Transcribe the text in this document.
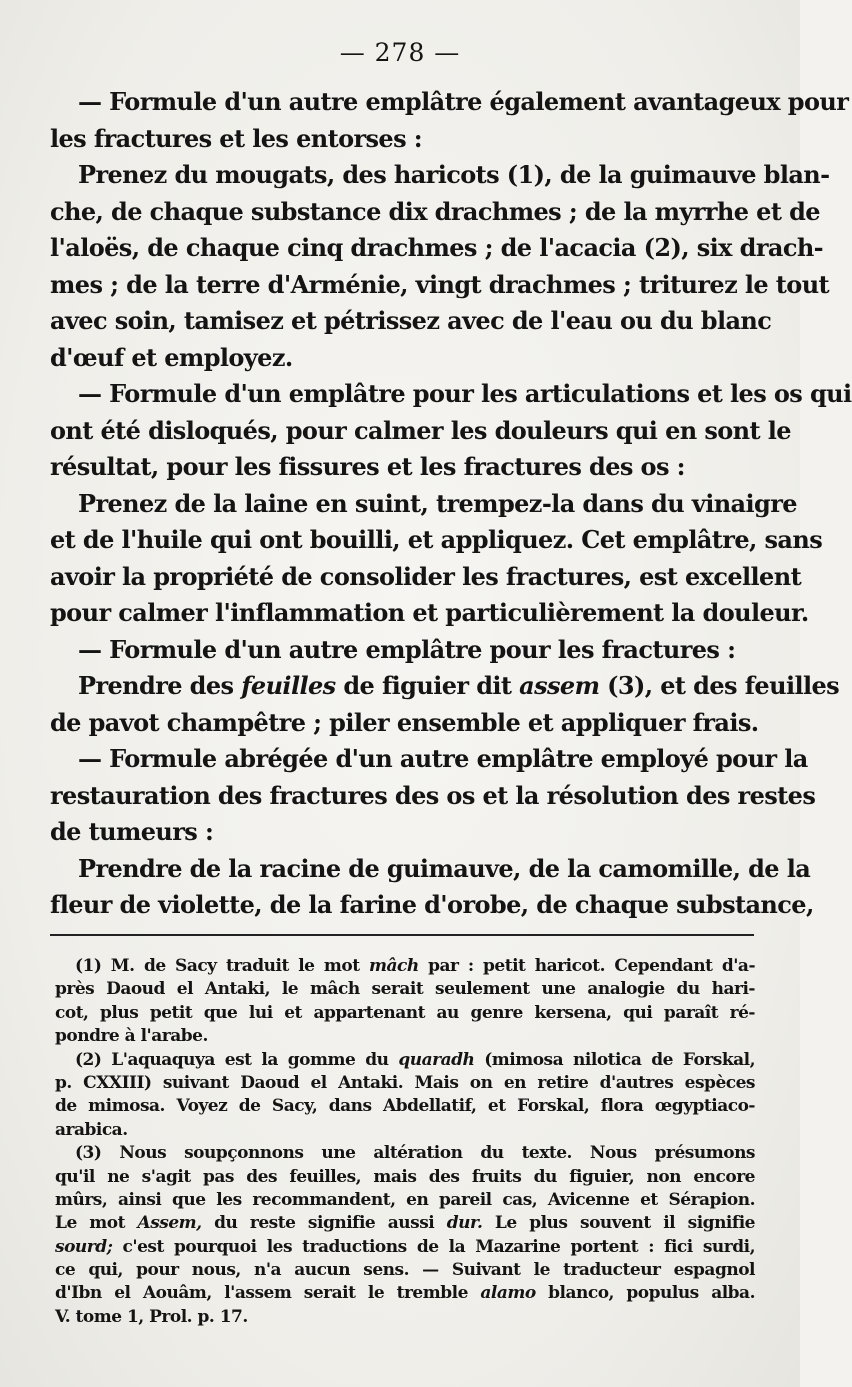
— 278 —
— Formule d'un autre emplâtre également avantageux pour
les fractures et les entorses :
Prenez du mougats, des haricots (1), de la guimauve blan-
che, de chaque substance dix drachmes ; de la myrrhe et de
l'aloës, de chaque cinq drachmes ; de l'acacia (2), six drach-
mes ; de la terre d'Arménie, vingt drachmes ; triturez le tout
avec soin, tamisez et pétrissez avec de l'eau ou du blanc
d'œuf et employez.
— Formule d'un emplâtre pour les articulations et les os qui
ont été disloqués, pour calmer les douleurs qui en sont le
résultat, pour les fissures et les fractures des os :
Prenez de la laine en suint, trempez-la dans du vinaigre
et de l'huile qui ont bouilli, et appliquez. Cet emplâtre, sans
avoir la propriété de consolider les fractures, est excellent
pour calmer l'inflammation et particulièrement la douleur.
— Formule d'un autre emplâtre pour les fractures :
Prendre des feuilles de figuier dit assem (3), et des feuilles
de pavot champêtre ; piler ensemble et appliquer frais.
— Formule abrégée d'un autre emplâtre employé pour la
restauration des fractures des os et la résolution des restes
de tumeurs :
Prendre de la racine de guimauve, de la camomille, de la
fleur de violette, de la farine d'orobe, de chaque substance,
(1) M. de Sacy traduit le mot mâch par : petit haricot. Cependant d'a-
près Daoud el Antaki, le mâch serait seulement une analogie du hari-
cot, plus petit que lui et appartenant au genre kersena, qui paraît ré-
pondre à l'arabe.
(2) L'aquaquya est la gomme du quaradh (mimosa nilotica de Forskal,
p. CXXIII) suivant Daoud el Antaki. Mais on en retire d'autres espèces
de mimosa. Voyez de Sacy, dans Abdellatif, et Forskal, flora œgyptiaco-
arabica.
(3) Nous soupçonnons une altération du texte. Nous présumons
qu'il ne s'agit pas des feuilles, mais des fruits du figuier, non encore
mûrs, ainsi que les recommandent, en pareil cas, Avicenne et Sérapion.
Le mot Assem, du reste signifie aussi dur. Le plus souvent il signifie
sourd; c'est pourquoi les traductions de la Mazarine portent : fici surdi,
ce qui, pour nous, n'a aucun sens. — Suivant le traducteur espagnol
d'Ibn el Aouâm, l'assem serait le tremble alamo blanco, populus alba.
V. tome 1, Prol. p. 17.
